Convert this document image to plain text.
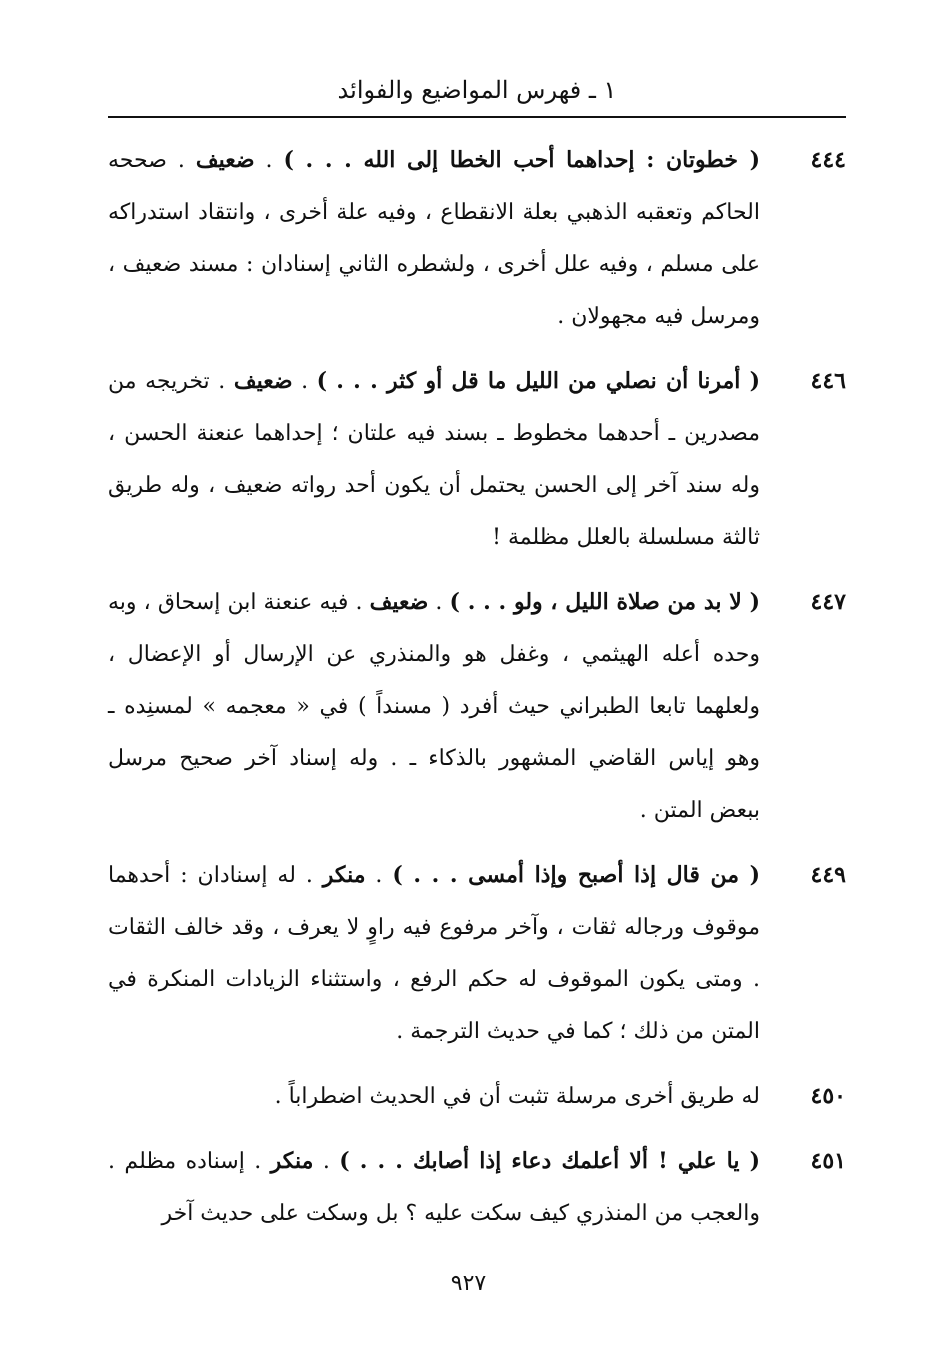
١ ـ فهرس المواضيع والفوائد
٤٤٤
( خطوتان : إحداهما أحب الخطا إلى الله . . . ) . ضعيف . صححه الحاكم وتعقبه الذهبي بعلة الانقطاع ، وفيه علة أخرى ، وانتقاد استدراكه على مسلم ، وفيه علل أخرى ، ولشطره الثاني إسنادان : مسند ضعيف ، ومرسل فيه مجهولان .
٤٤٦
( أمرنا أن نصلي من الليل ما قل أو كثر . . . ) . ضعيف . تخريجه من مصدرين ـ أحدهما مخطوط ـ بسند فيه علتان ؛ إحداهما عنعنة الحسن ، وله سند آخر إلى الحسن يحتمل أن يكون أحد رواته ضعيف ، وله طريق ثالثة مسلسلة بالعلل مظلمة !
٤٤٧
( لا بد من صلاة الليل ، ولو . . . ) . ضعيف . فيه عنعنة ابن إسحاق ، وبه وحده أعله الهيثمي ، وغفل هو والمنذري عن الإرسال أو الإعضال ، ولعلهما تابعا الطبراني حيث أفرد ( مسنداً ) في « معجمه » لمسنِده ـ وهو إياس القاضي المشهور بالذكاء ـ . وله إسناد آخر صحيح مرسل ببعض المتن .
٤٤٩
( من قال إذا أصبح وإذا أمسى . . . ) . منكر . له إسنادان : أحدهما موقوف ورجاله ثقات ، وآخر مرفوع فيه راوٍ لا يعرف ، وقد خالف الثقات . ومتى يكون الموقوف له حكم الرفع ، واستثناء الزيادات المنكرة في المتن من ذلك ؛ كما في حديث الترجمة .
٤٥٠
له طريق أخرى مرسلة تثبت أن في الحديث اضطراباً .
٤٥١
( يا علي ! ألا أعلمك دعاء إذا أصابك . . . ) . منكر . إسناده مظلم . والعجب من المنذري كيف سكت عليه ؟ بل وسكت على حديث آخر
٩٢٧
